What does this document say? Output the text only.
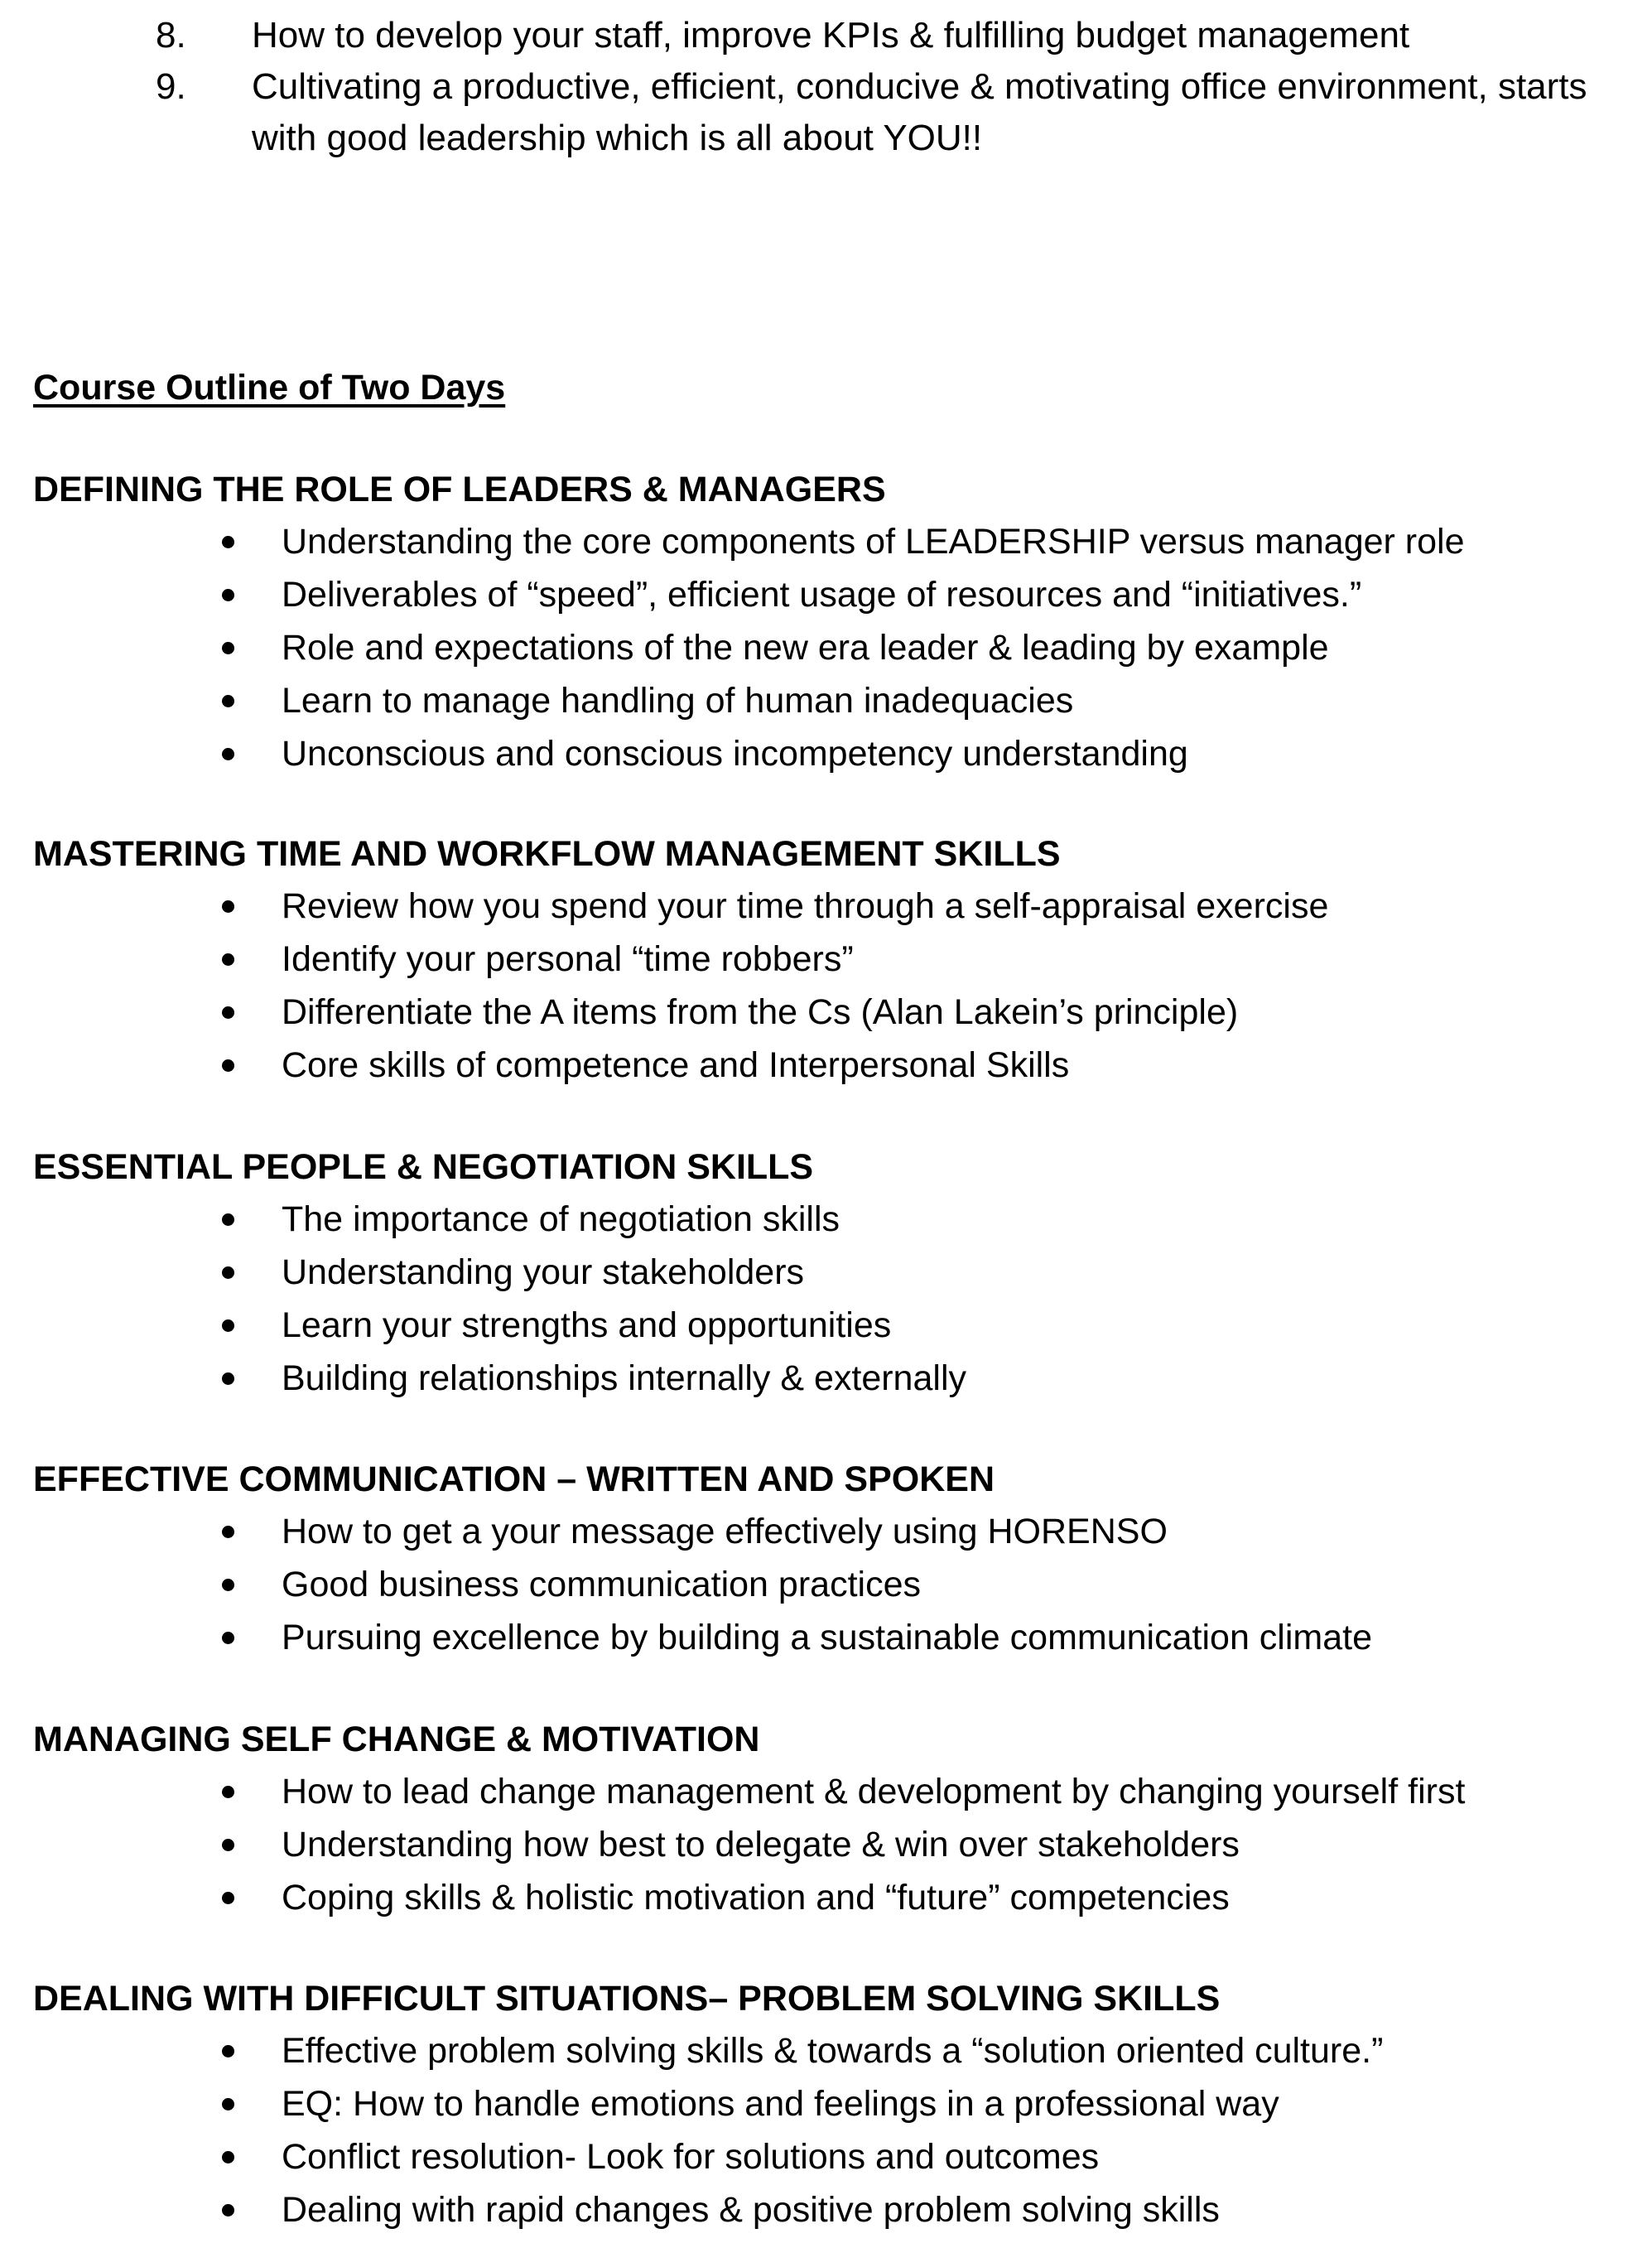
8. How to develop your staff, improve KPIs & fulfilling budget management
9. Cultivating a productive, efficient, conducive & motivating office environment, starts with good leadership which is all about YOU!!
Course Outline of Two Days
DEFINING THE ROLE OF LEADERS & MANAGERS
Understanding the core components of LEADERSHIP versus manager role
Deliverables of “speed”, efficient usage of resources and “initiatives.”
Role and expectations of the new era leader & leading by example
Learn to manage handling of human inadequacies
Unconscious and conscious incompetency understanding
MASTERING TIME AND WORKFLOW MANAGEMENT SKILLS
Review how you spend your time through a self-appraisal exercise
Identify your personal “time robbers”
Differentiate the A items from the Cs (Alan Lakein’s principle)
Core skills of competence and Interpersonal Skills
ESSENTIAL PEOPLE & NEGOTIATION SKILLS
The importance of negotiation skills
Understanding your stakeholders
Learn your strengths and opportunities
Building relationships internally & externally
EFFECTIVE COMMUNICATION – WRITTEN AND SPOKEN
How to get a your message effectively using HORENSO
Good business communication practices
Pursuing excellence by building a sustainable communication climate
MANAGING SELF CHANGE & MOTIVATION
How to lead change management & development by changing yourself first
Understanding how best to delegate & win over stakeholders
Coping skills & holistic motivation and “future” competencies
DEALING WITH DIFFICULT SITUATIONS– PROBLEM SOLVING SKILLS
Effective problem solving skills & towards a “solution oriented culture.”
EQ: How to handle emotions and feelings in a professional way
Conflict resolution- Look for solutions and outcomes
Dealing with rapid changes & positive problem solving skills
